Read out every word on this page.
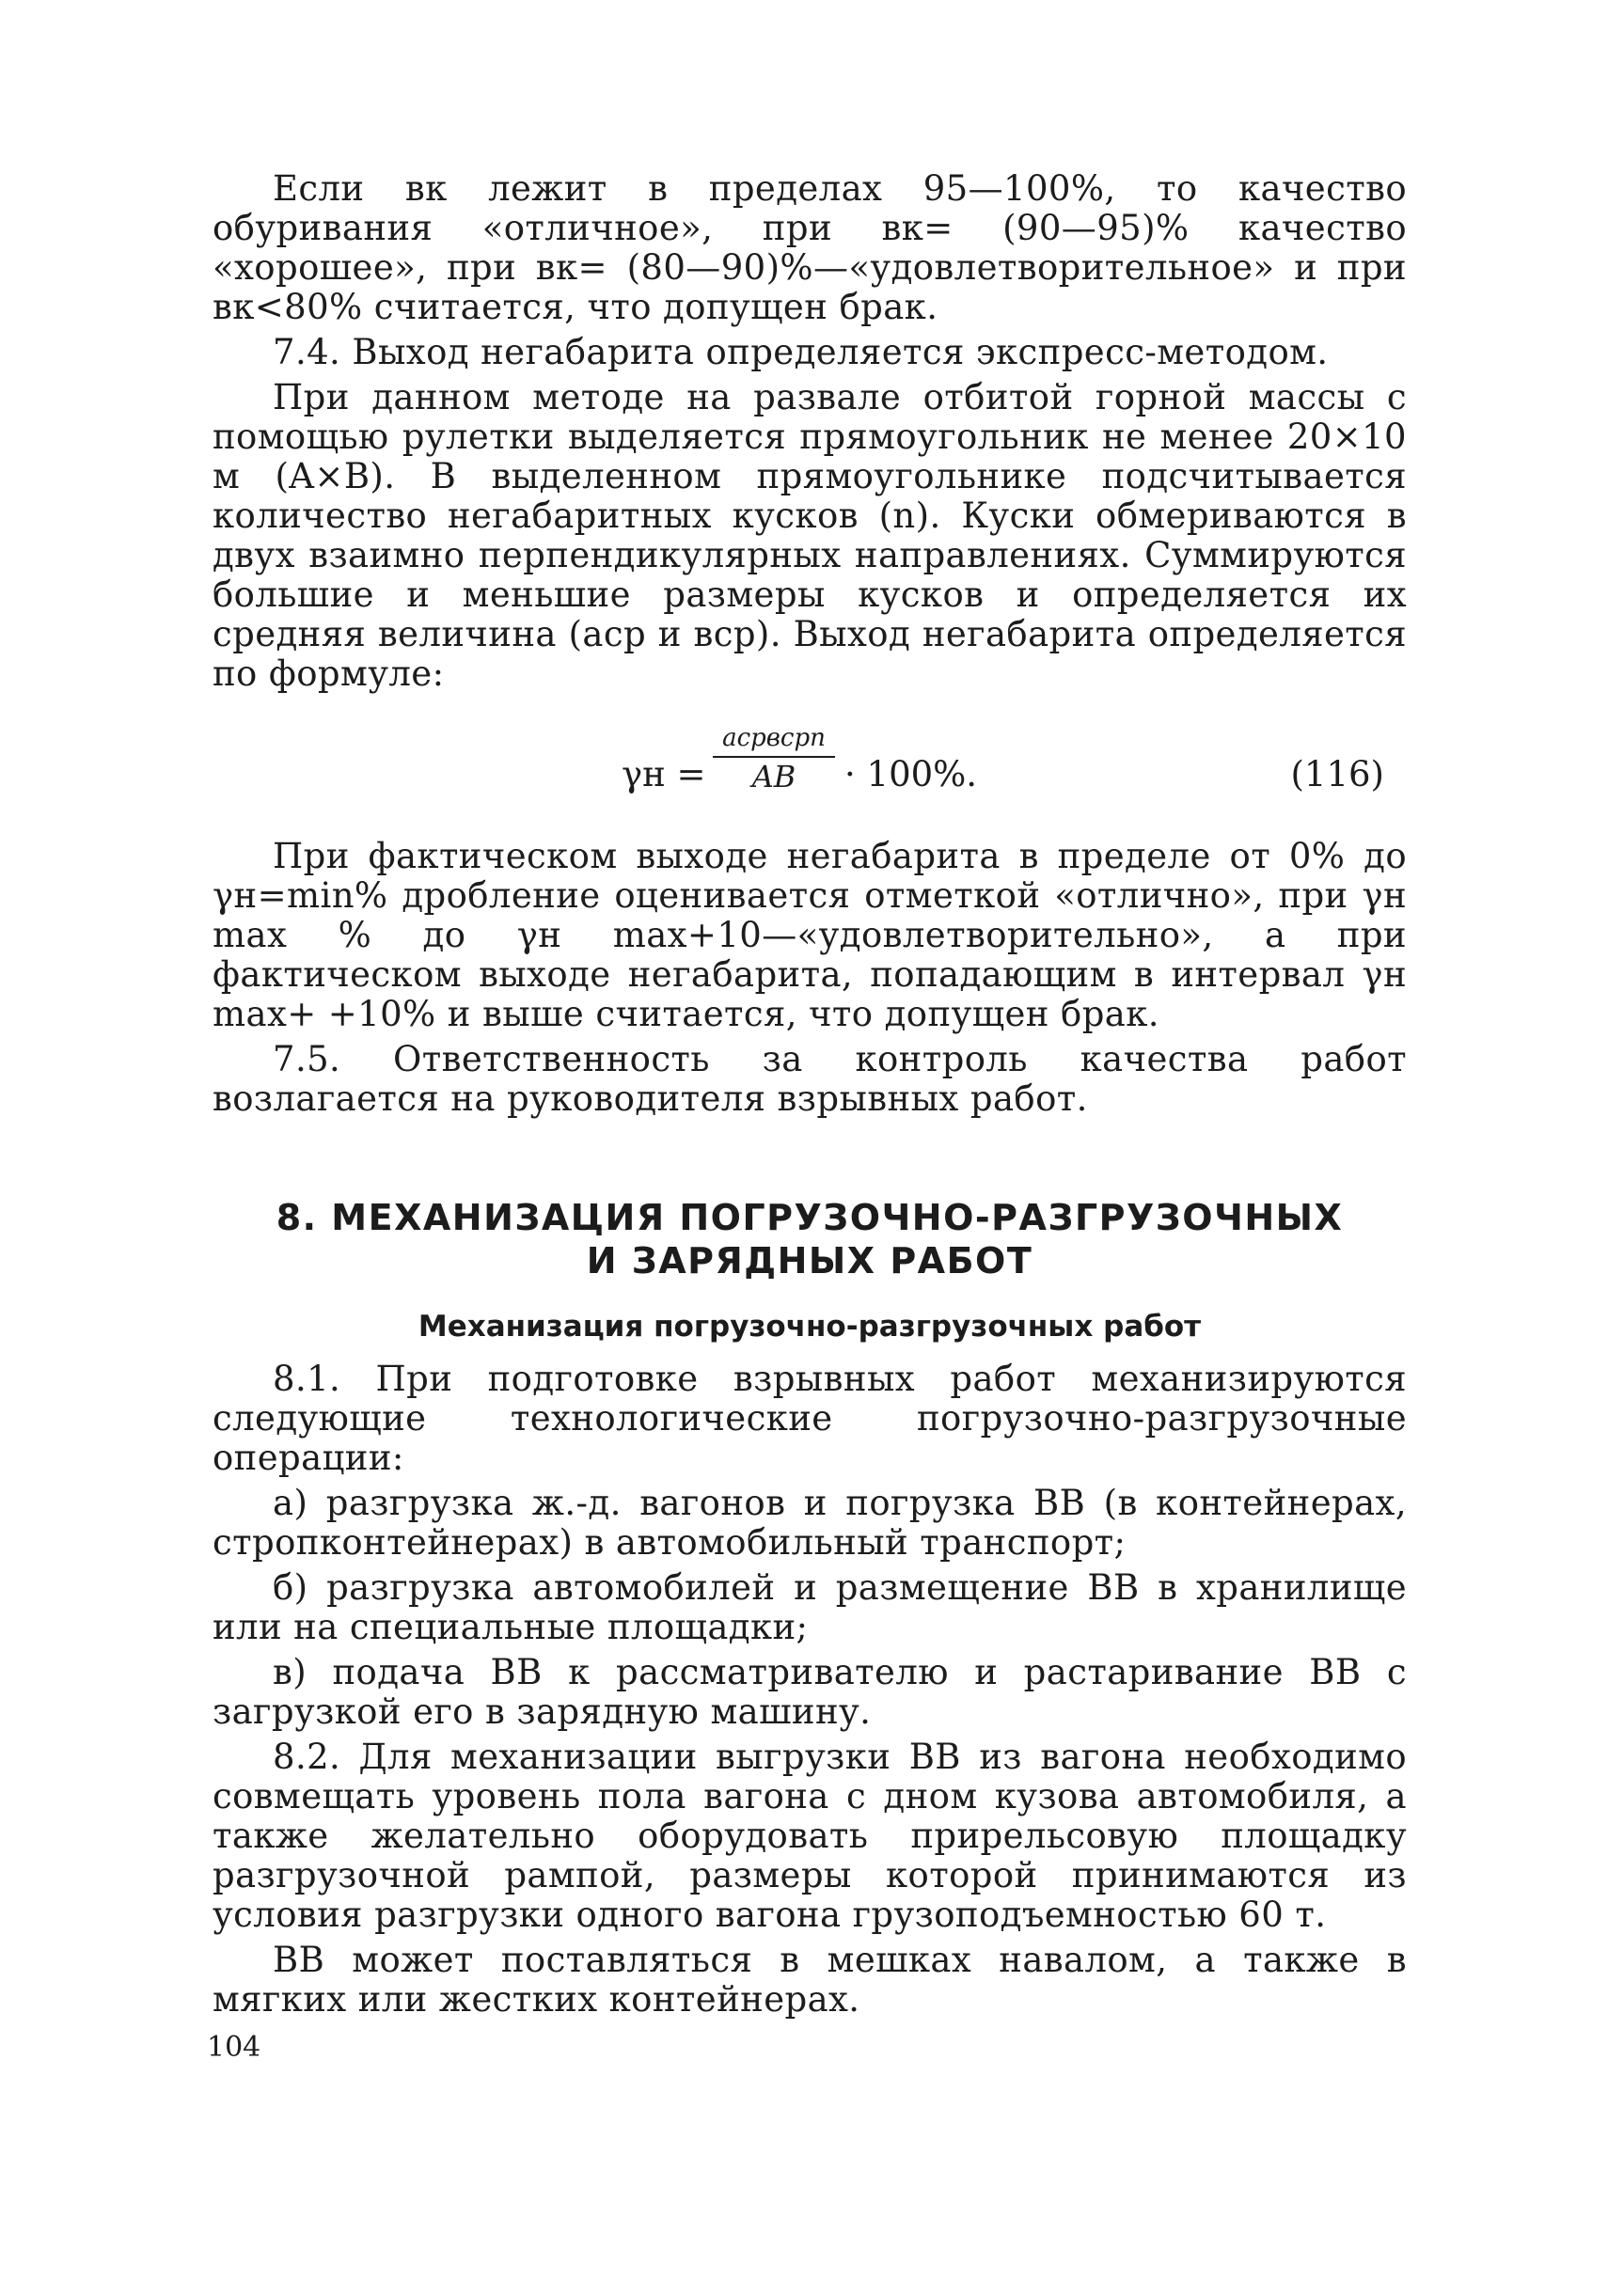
Если вк лежит в пределах 95—100%, то качество обуривания «отличное», при вк= (90—95)% качество «хорошее», при вк= (80—90)%—«удовлетворительное» и при вк<80% считается, что допущен брак.

7.4. Выход негабарита определяется экспресс-методом.

При данном методе на развале отбитой горной массы с помощью рулетки выделяется прямоугольник не менее 20×10 м (A×B). В выделенном прямоугольнике подсчитывается количество негабаритных кусков (n). Куски обмериваются в двух взаимно перпендикулярных направлениях. Суммируются большие и меньшие размеры кусков и определяется их средняя величина (aср и вср). Выход негабарита определяется по формуле:

γн =
aсрвсрn
AB	· 100%.	(116)

При фактическом выходе негабарита в пределе от 0% до γн=min% дробление оценивается отметкой «отлично», при γн max % до γн max+10—«удовлетворительно», а при фактическом выходе негабарита, попадающим в интервал γн max+ +10% и выше считается, что допущен брак.

7.5. Ответственность за контроль качества работ возлагается на руководителя взрывных работ.

8. МЕХАНИЗАЦИЯ ПОГРУЗОЧНО-РАЗГРУЗОЧНЫХ
И ЗАРЯДНЫХ РАБОТ
Механизация погрузочно-разгрузочных работ

8.1. При подготовке взрывных работ механизируются следующие технологические погрузочно-разгрузочные операции:

а) разгрузка ж.-д. вагонов и погрузка ВВ (в контейнерах, стропконтейнерах) в автомобильный транспорт;

б) разгрузка автомобилей и размещение ВВ в хранилище или на специальные площадки;

в) подача ВВ к рассматривателю и растаривание ВВ с загрузкой его в зарядную машину.

8.2. Для механизации выгрузки ВВ из вагона необходимо совмещать уровень пола вагона с дном кузова автомобиля, а также желательно оборудовать прирельсовую площадку разгрузочной рампой, размеры которой принимаются из условия разгрузки одного вагона грузоподъемностью 60 т.

ВВ может поставляться в мешках навалом, а также в мягких или жестких контейнерах.

104
